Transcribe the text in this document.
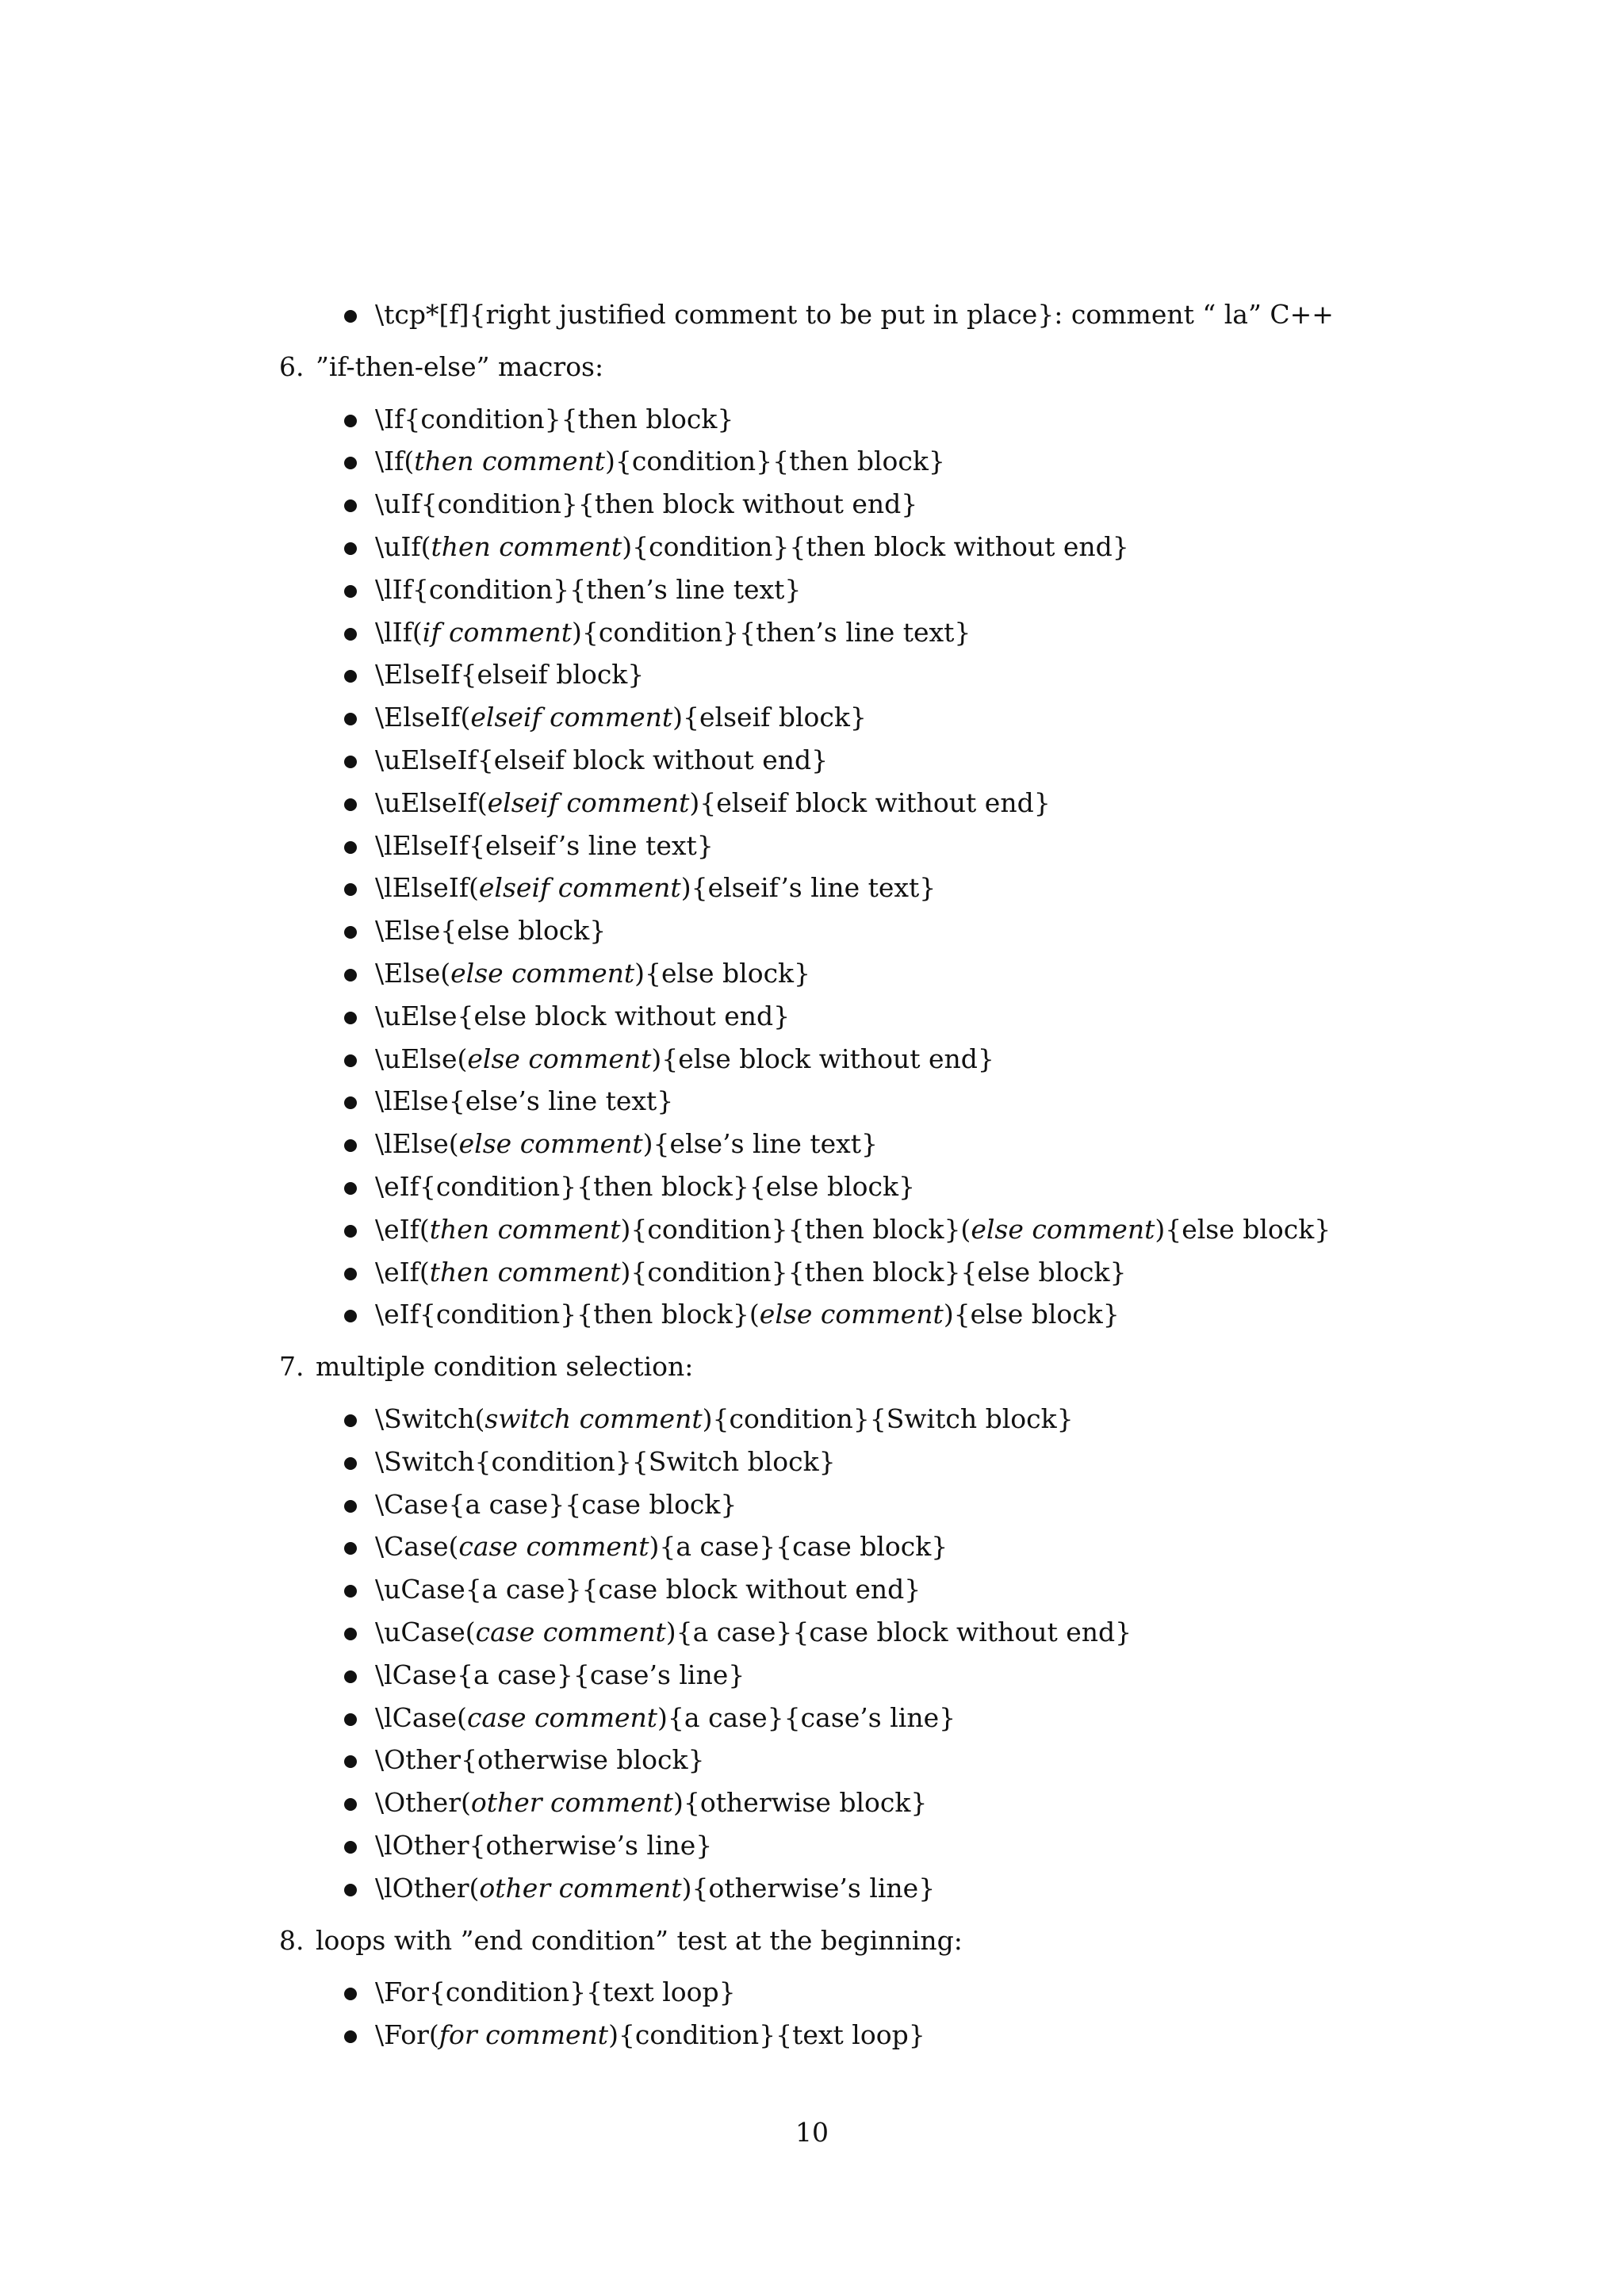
\tcp*[f]{right justified comment to be put in place}: comment “ la” C++
6. ”if-then-else” macros:
\If{condition}{then block}
\If(then comment){condition}{then block}
\uIf{condition}{then block without end}
\uIf(then comment){condition}{then block without end}
\lIf{condition}{then’s line text}
\lIf(if comment){condition}{then’s line text}
\ElseIf{elseif block}
\ElseIf(elseif comment){elseif block}
\uElseIf{elseif block without end}
\uElseIf(elseif comment){elseif block without end}
\lElseIf{elseif’s line text}
\lElseIf(elseif comment){elseif’s line text}
\Else{else block}
\Else(else comment){else block}
\uElse{else block without end}
\uElse(else comment){else block without end}
\lElse{else’s line text}
\lElse(else comment){else’s line text}
\eIf{condition}{then block}{else block}
\eIf(then comment){condition}{then block}(else comment){else block}
\eIf(then comment){condition}{then block}{else block}
\eIf{condition}{then block}(else comment){else block}
7. multiple condition selection:
\Switch(switch comment){condition}{Switch block}
\Switch{condition}{Switch block}
\Case{a case}{case block}
\Case(case comment){a case}{case block}
\uCase{a case}{case block without end}
\uCase(case comment){a case}{case block without end}
\lCase{a case}{case’s line}
\lCase(case comment){a case}{case’s line}
\Other{otherwise block}
\Other(other comment){otherwise block}
\lOther{otherwise’s line}
\lOther(other comment){otherwise’s line}
8. loops with ”end condition” test at the beginning:
\For{condition}{text loop}
\For(for comment){condition}{text loop}
10
